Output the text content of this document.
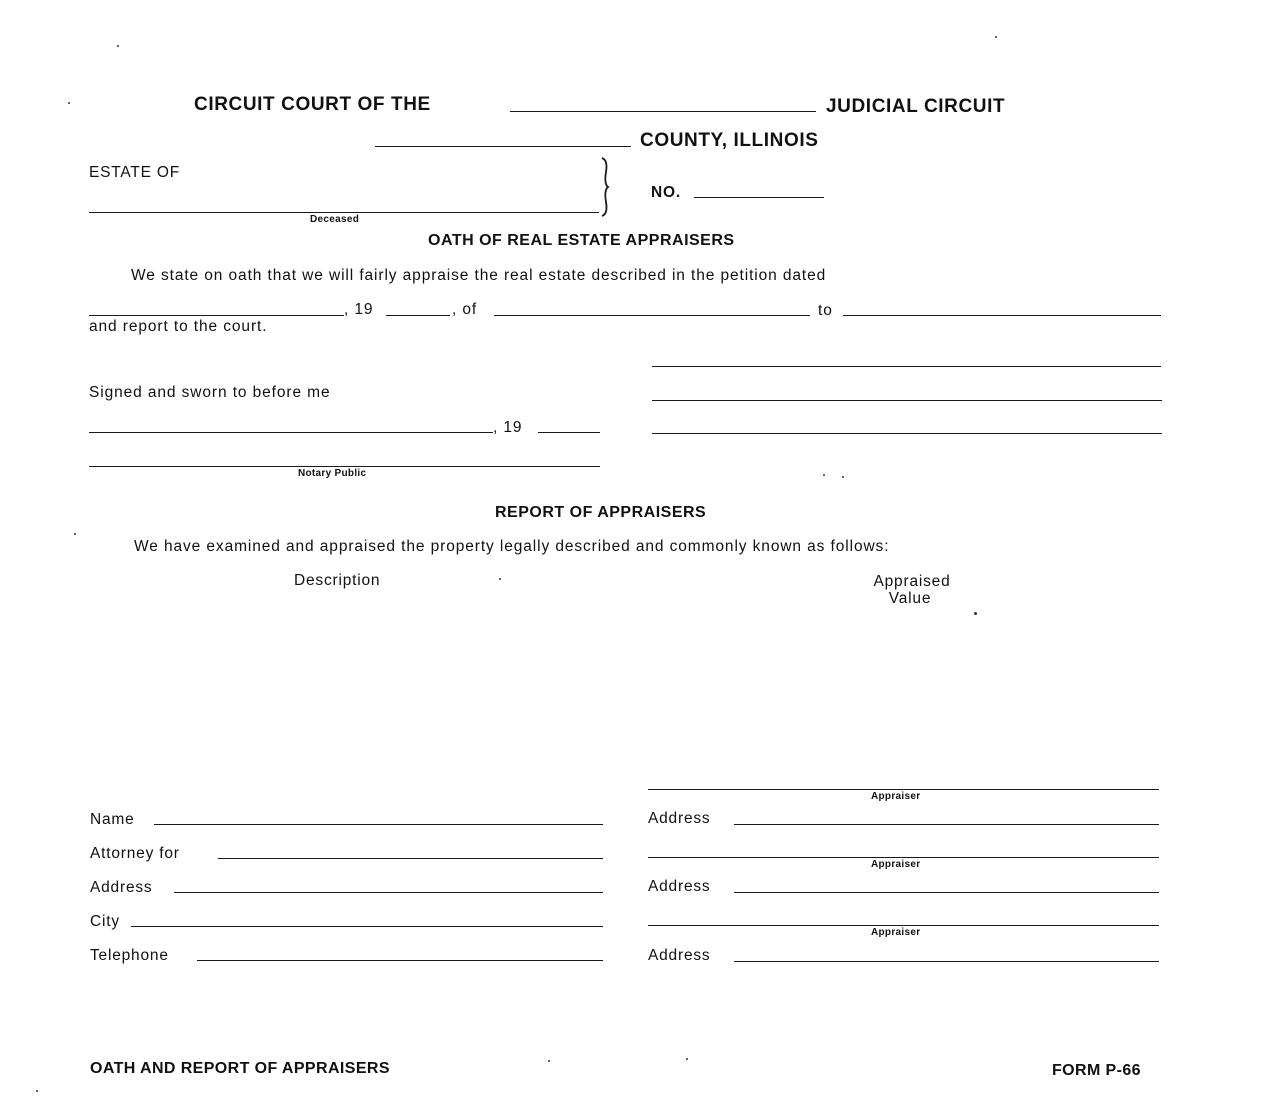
CIRCUIT COURT OF THE	JUDICIAL CIRCUIT
COUNTY, ILLINOIS
ESTATE OF
Deceased
NO.
OATH OF REAL ESTATE APPRAISERS
We state on oath that we will fairly appraise the real estate described in the petition dated
, 19	, of	to
and report to the court.
Signed and sworn to before me
, 19
Notary Public
REPORT OF APPRAISERS
We have examined and appraised the property legally described and commonly known as follows:
Description	Appraised
Value
Name
Attorney for
Address
City
Telephone
Appraiser
Address
Appraiser
Address
Appraiser
Address
OATH AND REPORT OF APPRAISERS	FORM P-66
